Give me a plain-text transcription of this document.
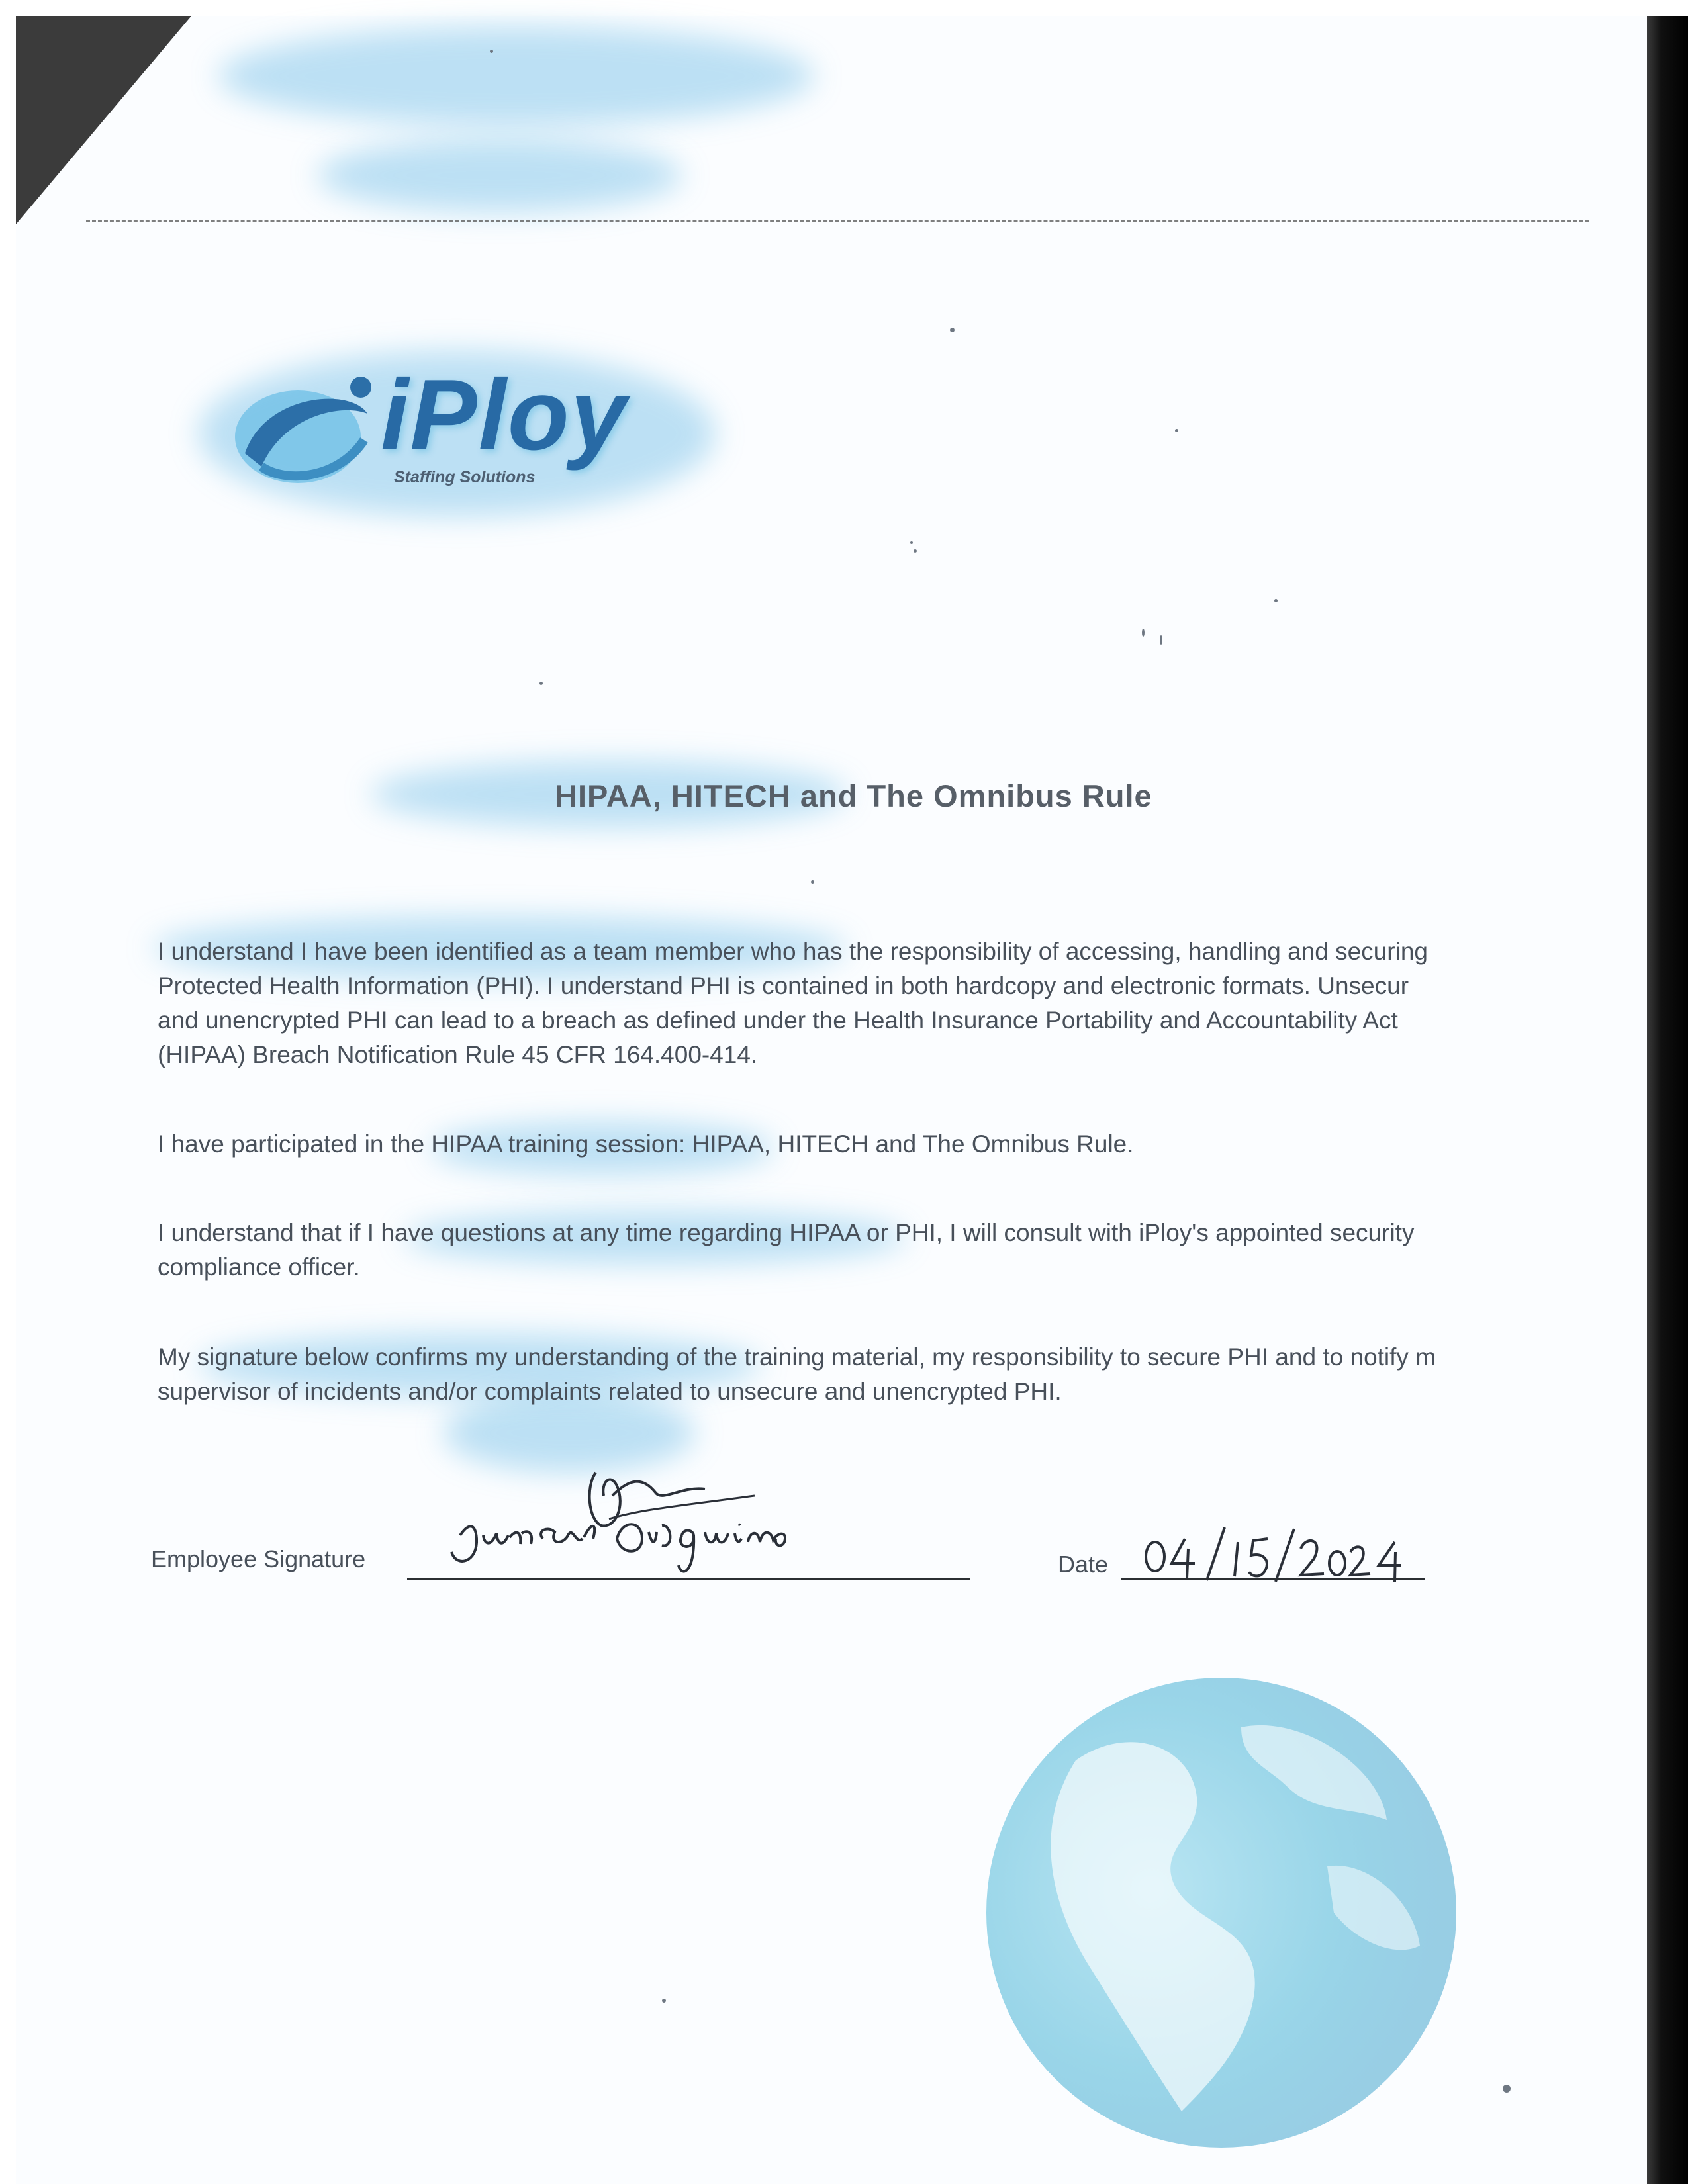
iPloy
Staffing Solutions
HIPAA, HITECH and The Omnibus Rule
I understand I have been identified as a team member who has the responsibility of accessing, handling and securing
Protected Health Information (PHI). I understand PHI is contained in both hardcopy and electronic formats. Unsecur
and unencrypted PHI can lead to a breach as defined under the Health Insurance Portability and Accountability Act
(HIPAA) Breach Notification Rule 45 CFR 164.400-414.
I have participated in the HIPAA training session: HIPAA, HITECH and The Omnibus Rule.
I understand that if I have questions at any time regarding HIPAA or PHI, I will consult with iPloy's appointed security
compliance officer.
My signature below confirms my understanding of the training material, my responsibility to secure PHI and to notify m
supervisor of incidents and/or complaints related to unsecure and unencrypted PHI.
Employee Signature	Date
